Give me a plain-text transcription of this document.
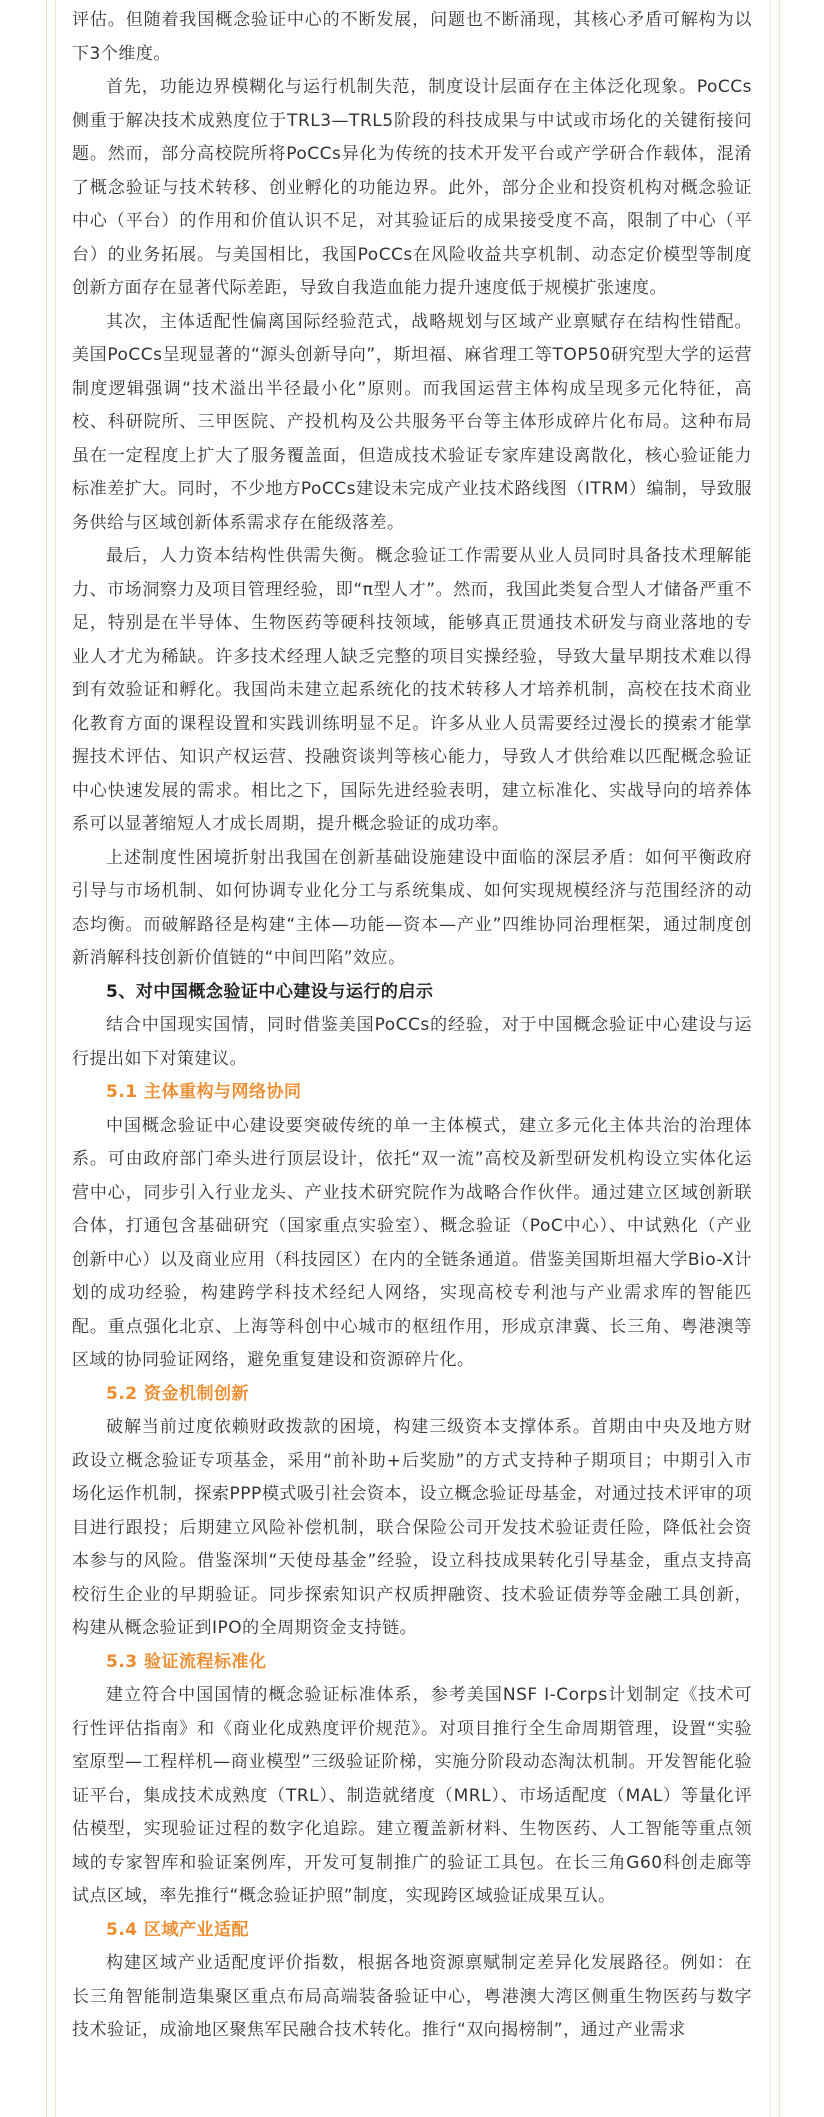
评估。但随着我国概念验证中心的不断发展，问题也不断涌现，其核心矛盾可解构为以下3个维度。

首先，功能边界模糊化与运行机制失范，制度设计层面存在主体泛化现象。PoCCs侧重于解决技术成熟度位于TRL3—TRL5阶段的科技成果与中试或市场化的关键衔接问题。然而，部分高校院所将PoCCs异化为传统的技术开发平台或产学研合作载体，混淆了概念验证与技术转移、创业孵化的功能边界。此外，部分企业和投资机构对概念验证中心（平台）的作用和价值认识不足，对其验证后的成果接受度不高，限制了中心（平台）的业务拓展。与美国相比，我国PoCCs在风险收益共享机制、动态定价模型等制度创新方面存在显著代际差距，导致自我造血能力提升速度低于规模扩张速度。

其次，主体适配性偏离国际经验范式，战略规划与区域产业禀赋存在结构性错配。美国PoCCs呈现显著的“源头创新导向”，斯坦福、麻省理工等TOP50研究型大学的运营制度逻辑强调“技术溢出半径最小化”原则。而我国运营主体构成呈现多元化特征，高校、科研院所、三甲医院、产投机构及公共服务平台等主体形成碎片化布局。这种布局虽在一定程度上扩大了服务覆盖面，但造成技术验证专家库建设离散化，核心验证能力标准差扩大。同时，不少地方PoCCs建设未完成产业技术路线图（ITRM）编制，导致服务供给与区域创新体系需求存在能级落差。

最后，人力资本结构性供需失衡。概念验证工作需要从业人员同时具备技术理解能力、市场洞察力及项目管理经验，即“π型人才”。然而，我国此类复合型人才储备严重不足，特别是在半导体、生物医药等硬科技领域，能够真正贯通技术研发与商业落地的专业人才尤为稀缺。许多技术经理人缺乏完整的项目实操经验，导致大量早期技术难以得到有效验证和孵化。我国尚未建立起系统化的技术转移人才培养机制，高校在技术商业化教育方面的课程设置和实践训练明显不足。许多从业人员需要经过漫长的摸索才能掌握技术评估、知识产权运营、投融资谈判等核心能力，导致人才供给难以匹配概念验证中心快速发展的需求。相比之下，国际先进经验表明，建立标准化、实战导向的培养体系可以显著缩短人才成长周期，提升概念验证的成功率。

上述制度性困境折射出我国在创新基础设施建设中面临的深层矛盾：如何平衡政府引导与市场机制、如何协调专业化分工与系统集成、如何实现规模经济与范围经济的动态均衡。而破解路径是构建“主体—功能—资本—产业”四维协同治理框架，通过制度创新消解科技创新价值链的“中间凹陷”效应。

5、对中国概念验证中心建设与运行的启示

结合中国现实国情，同时借鉴美国PoCCs的经验，对于中国概念验证中心建设与运行提出如下对策建议。

5.1 主体重构与网络协同

中国概念验证中心建设要突破传统的单一主体模式，建立多元化主体共治的治理体系。可由政府部门牵头进行顶层设计，依托“双一流”高校及新型研发机构设立实体化运营中心，同步引入行业龙头、产业技术研究院作为战略合作伙伴。通过建立区域创新联合体，打通包含基础研究（国家重点实验室）、概念验证（PoC中心）、中试熟化（产业创新中心）以及商业应用（科技园区）在内的全链条通道。借鉴美国斯坦福大学Bio-X计划的成功经验，构建跨学科技术经纪人网络，实现高校专利池与产业需求库的智能匹配。重点强化北京、上海等科创中心城市的枢纽作用，形成京津冀、长三角、粤港澳等区域的协同验证网络，避免重复建设和资源碎片化。

5.2 资金机制创新

破解当前过度依赖财政拨款的困境，构建三级资本支撑体系。首期由中央及地方财政设立概念验证专项基金，采用“前补助+后奖励”的方式支持种子期项目；中期引入市场化运作机制，探索PPP模式吸引社会资本，设立概念验证母基金，对通过技术评审的项目进行跟投；后期建立风险补偿机制，联合保险公司开发技术验证责任险，降低社会资本参与的风险。借鉴深圳“天使母基金”经验，设立科技成果转化引导基金，重点支持高校衍生企业的早期验证。同步探索知识产权质押融资、技术验证债券等金融工具创新，构建从概念验证到IPO的全周期资金支持链。

5.3 验证流程标准化

建立符合中国国情的概念验证标准体系，参考美国NSF I-Corps计划制定《技术可行性评估指南》和《商业化成熟度评价规范》。对项目推行全生命周期管理，设置“实验室原型—工程样机—商业模型”三级验证阶梯，实施分阶段动态淘汰机制。开发智能化验证平台，集成技术成熟度（TRL）、制造就绪度（MRL）、市场适配度（MAL）等量化评估模型，实现验证过程的数字化追踪。建立覆盖新材料、生物医药、人工智能等重点领域的专家智库和验证案例库，开发可复制推广的验证工具包。在长三角G60科创走廊等试点区域，率先推行“概念验证护照”制度，实现跨区域验证成果互认。

5.4 区域产业适配

构建区域产业适配度评价指数，根据各地资源禀赋制定差异化发展路径。例如：在长三角智能制造集聚区重点布局高端装备验证中心，粤港澳大湾区侧重生物医药与数字技术验证，成渝地区聚焦军民融合技术转化。推行“双向揭榜制”，通过产业需求
